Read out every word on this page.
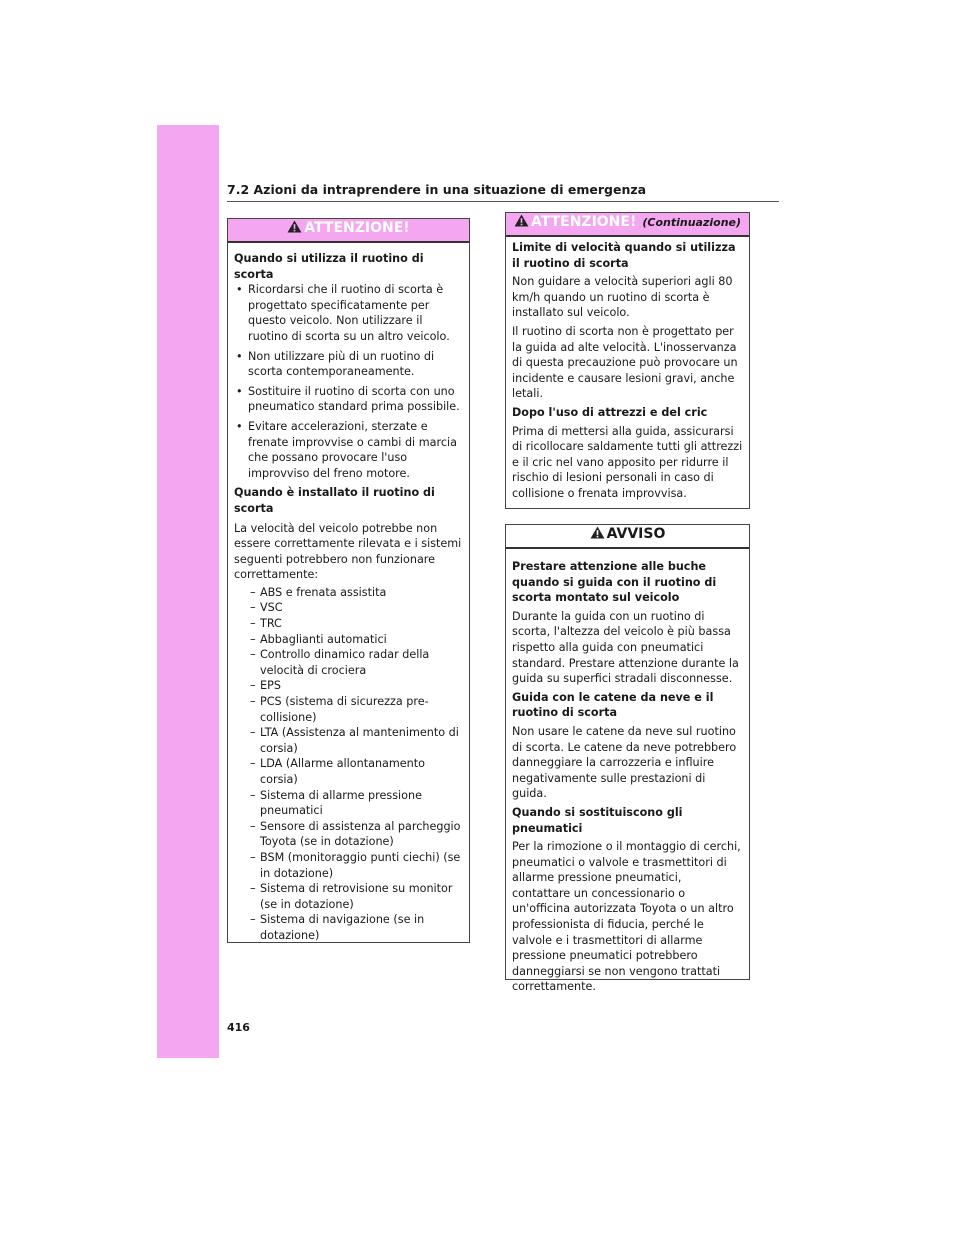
7.2 Azioni da intraprendere in una situazione di emergenza
ATTENZIONE!

Quando si utilizza il ruotino di scorta

• Ricordarsi che il ruotino di scorta è progettato specificatamente per questo veicolo. Non utilizzare il ruotino di scorta su un altro veicolo.
• Non utilizzare più di un ruotino di scorta contemporaneamente.
• Sostituire il ruotino di scorta con uno pneumatico standard prima possibile.
• Evitare accelerazioni, sterzate e frenate improvvise o cambi di marcia che possano provocare l'uso improvviso del freno motore.

Quando è installato il ruotino di scorta

La velocità del veicolo potrebbe non essere correttamente rilevata e i sistemi seguenti potrebbero non funzionare correttamente:

– ABS e frenata assistita
– VSC
– TRC
– Abbaglianti automatici
– Controllo dinamico radar della velocità di crociera
– EPS
– PCS (sistema di sicurezza pre-collisione)
– LTA (Assistenza al mantenimento di corsia)
– LDA (Allarme allontanamento corsia)
– Sistema di allarme pressione pneumatici
– Sensore di assistenza al parcheggio Toyota (se in dotazione)
– BSM (monitoraggio punti ciechi) (se in dotazione)
– Sistema di retrovisione su monitor (se in dotazione)
– Sistema di navigazione (se in dotazione)
ATTENZIONE! (Continuazione)

Limite di velocità quando si utilizza il ruotino di scorta

Non guidare a velocità superiori agli 80 km/h quando un ruotino di scorta è installato sul veicolo.

Il ruotino di scorta non è progettato per la guida ad alte velocità. L'inosservanza di questa precauzione può provocare un incidente e causare lesioni gravi, anche letali.

Dopo l'uso di attrezzi e del cric

Prima di mettersi alla guida, assicurarsi di ricollocare saldamente tutti gli attrezzi e il cric nel vano apposito per ridurre il rischio di lesioni personali in caso di collisione o frenata improvvisa.

AVVISO

Prestare attenzione alle buche quando si guida con il ruotino di scorta montato sul veicolo

Durante la guida con un ruotino di scorta, l'altezza del veicolo è più bassa rispetto alla guida con pneumatici standard. Prestare attenzione durante la guida su superfici stradali disconnesse.

Guida con le catene da neve e il ruotino di scorta

Non usare le catene da neve sul ruotino di scorta. Le catene da neve potrebbero danneggiare la carrozzeria e influire negativamente sulle prestazioni di guida.

Quando si sostituiscono gli pneumatici

Per la rimozione o il montaggio di cerchi, pneumatici o valvole e trasmettitori di allarme pressione pneumatici, contattare un concessionario o un'officina autorizzata Toyota o un altro professionista di fiducia, perché le valvole e i trasmettitori di allarme pressione pneumatici potrebbero danneggiarsi se non vengono trattati correttamente.

416
